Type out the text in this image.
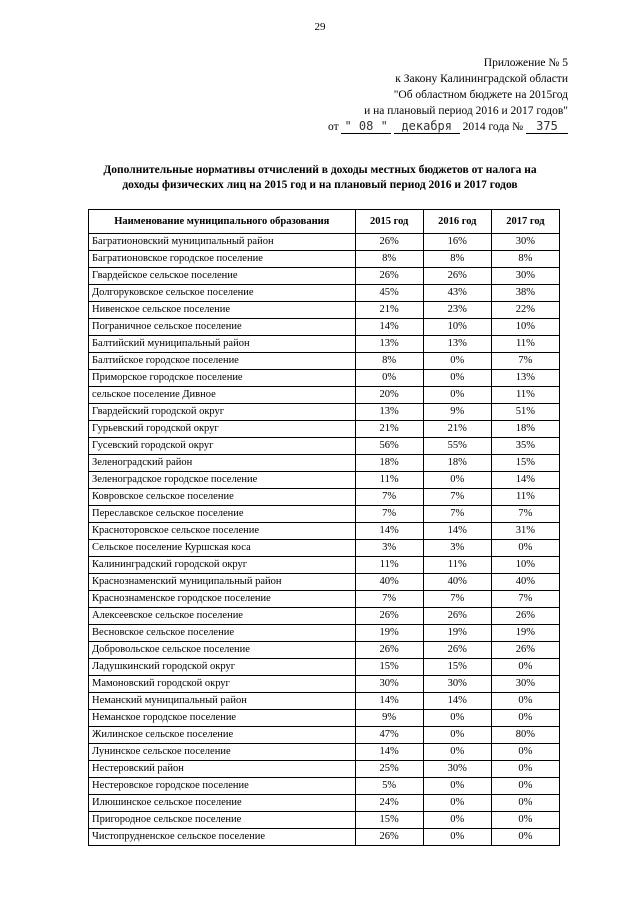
29
Приложение № 5
к Закону Калининградской области
"Об областном бюджете на 2015год
и на плановый период 2016 и 2017 годов"
от " 08 " декабря 2014 года № 375
Дополнительные нормативы отчислений в доходы местных бюджетов от налога на
доходы физических лиц на 2015 год и на плановый период 2016 и 2017 годов
Наименование муниципального образования	2015 год	2016 год	2017 год
Багратионовский муниципальный район	26%	16%	30%
Багратионовское городское поселение	8%	8%	8%
Гвардейское сельское поселение	26%	26%	30%
Долгоруковское сельское поселение	45%	43%	38%
Нивенское сельское поселение	21%	23%	22%
Пограничное сельское поселение	14%	10%	10%
Балтийский муниципальный район	13%	13%	11%
Балтийское городское поселение	8%	0%	7%
Приморское городское поселение	0%	0%	13%
сельское поселение Дивное	20%	0%	11%
Гвардейский городской округ	13%	9%	51%
Гурьевский городской округ	21%	21%	18%
Гусевский городской округ	56%	55%	35%
Зеленоградский район	18%	18%	15%
Зеленоградское городское поселение	11%	0%	14%
Ковровское сельское поселение	7%	7%	11%
Переславское сельское поселение	7%	7%	7%
Красноторовское сельское поселение	14%	14%	31%
Сельское поселение Куршская коса	3%	3%	0%
Калининградский городской округ	11%	11%	10%
Краснознаменский муниципальный район	40%	40%	40%
Краснознаменское городское поселение	7%	7%	7%
Алексеевское сельское поселение	26%	26%	26%
Весновское сельское поселение	19%	19%	19%
Добровольское сельское поселение	26%	26%	26%
Ладушкинский городской округ	15%	15%	0%
Мамоновский городской округ	30%	30%	30%
Неманский муниципальный район	14%	14%	0%
Неманское городское поселение	9%	0%	0%
Жилинское сельское поселение	47%	0%	80%
Лунинское сельское поселение	14%	0%	0%
Нестеровский район	25%	30%	0%
Нестеровское городское поселение	5%	0%	0%
Илюшинское сельское поселение	24%	0%	0%
Пригородное сельское поселение	15%	0%	0%
Чистопрудненское сельское поселение	26%	0%	0%
